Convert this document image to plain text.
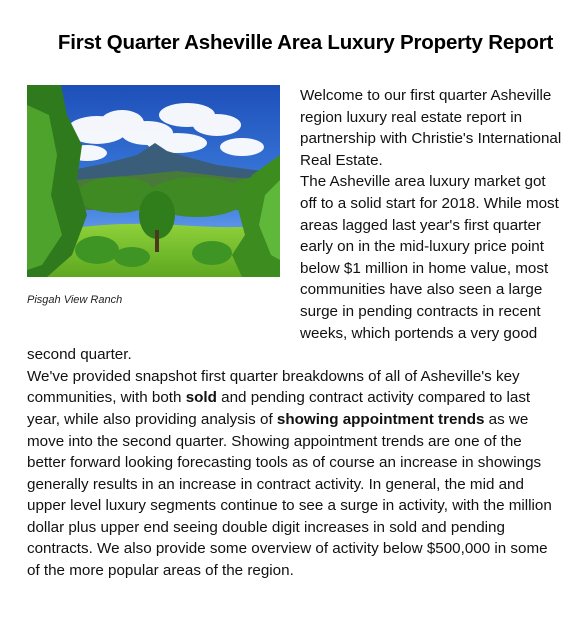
First Quarter Asheville Area Luxury Property Report
Pisgah View Ranch

Welcome to our first quarter Asheville region luxury real estate report in partnership with Christie's International Real Estate.

The Asheville area luxury market got off to a solid start for 2018. While most areas lagged last year's first quarter early on in the mid-luxury price point below $1 million in home value, most communities have also seen a large surge in pending contracts in recent weeks, which portends a very good second quarter.

We've provided snapshot first quarter breakdowns of all of Asheville's key communities, with both sold and pending contract activity compared to last year, while also providing analysis of showing appointment trends as we move into the second quarter. Showing appointment trends are one of the better forward looking forecasting tools as of course an increase in showings generally results in an increase in contract activity. In general, the mid and upper level luxury segments continue to see a surge in activity, with the million dollar plus upper end seeing double digit increases in sold and pending contracts. We also provide some overview of activity below $500,000 in some of the more popular areas of the region.
